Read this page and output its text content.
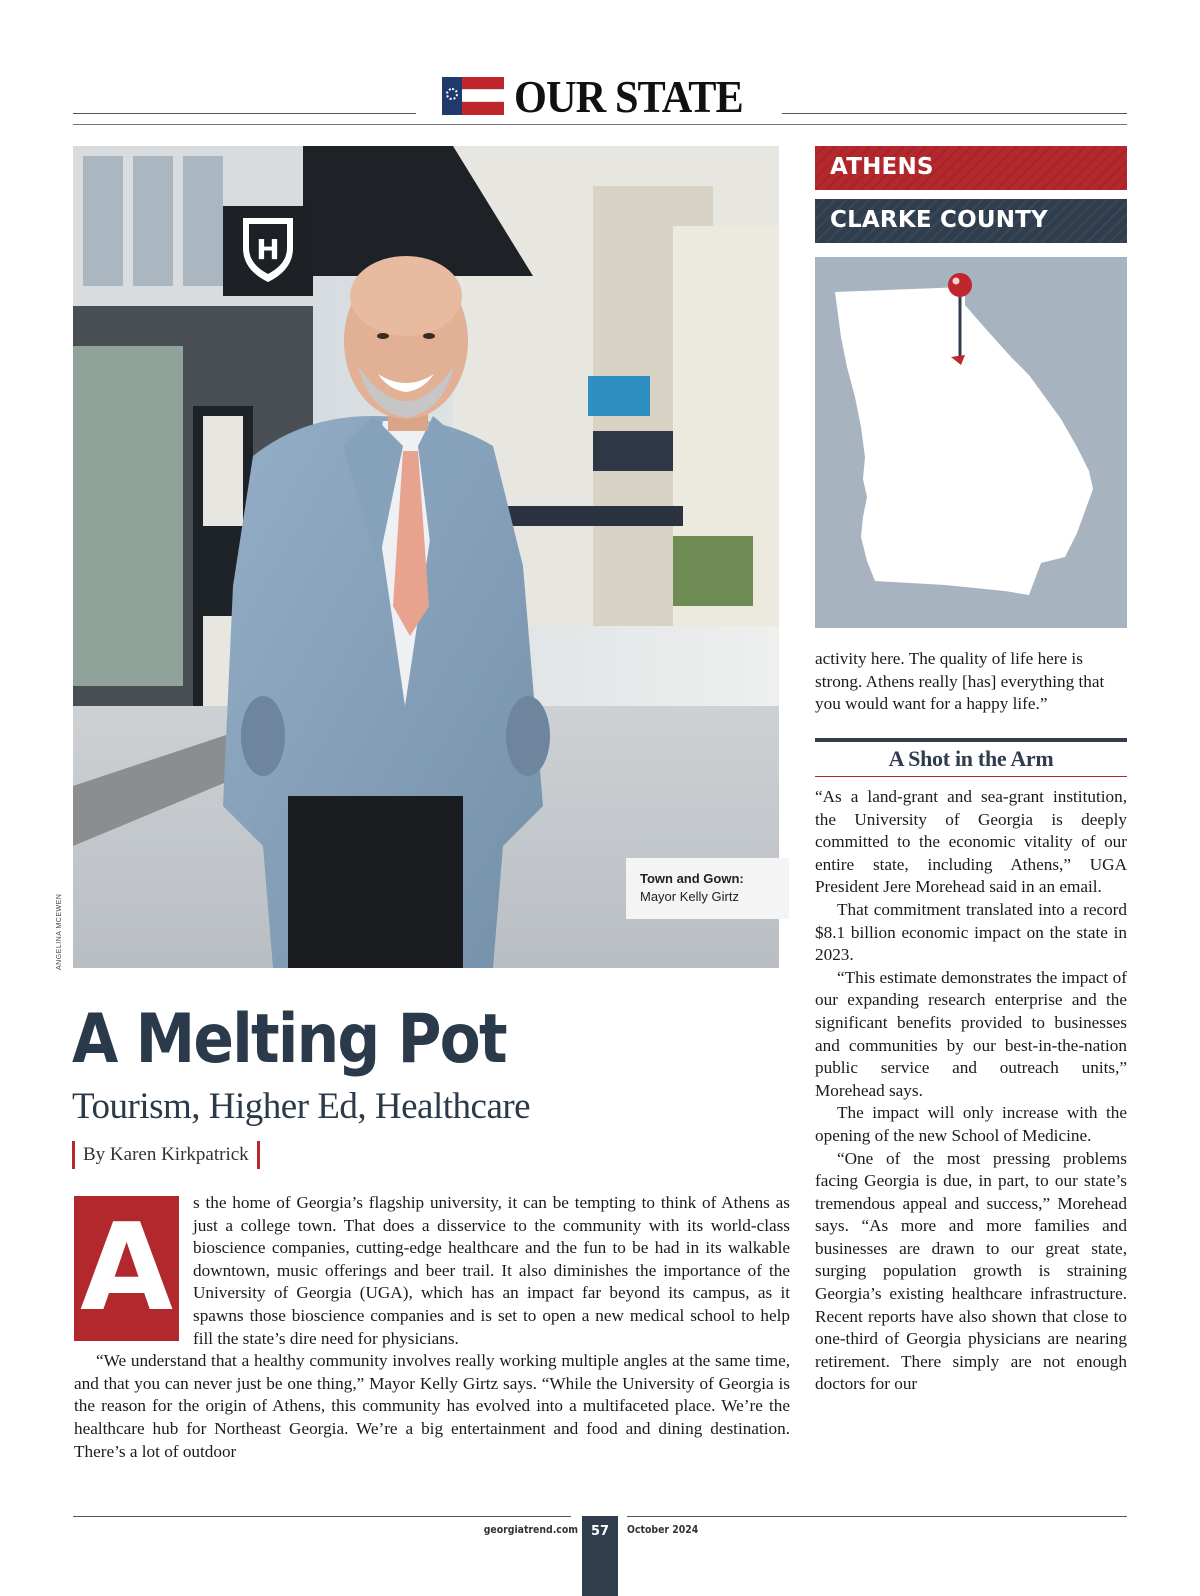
OUR STATE
H
ANGELINA MCEWEN
Town and Gown:
Mayor Kelly Girtz
A Melting Pot
Tourism, Higher Ed, Healthcare
By Karen Kirkpatrick
A	s the home of Georgia’s flagship university, it can be tempting to think of Athens as just a college town. That does a disservice to the community with its world-class bioscience companies, cutting-edge healthcare and the fun to be had in its walkable downtown, music offerings and beer trail. It also diminishes the importance of the University of Georgia (UGA), which has an impact far beyond its campus, as it spawns those bioscience companies and is set to open a new medical school to help fill the state’s dire need for physicians.

“We understand that a healthy community involves really working multiple angles at the same time, and that you can never just be one thing,” Mayor Kelly Girtz says. “While the University of Georgia is the reason for the origin of Athens, this community has evolved into a multifaceted place. We’re the healthcare hub for Northeast Georgia. We’re a big entertainment and food and dining destination. There’s a lot of outdoor

ATHENS
CLARKE COUNTY

activity here. The quality of life here is strong. Athens really [has] everything that you would want for a happy life.”

A Shot in the Arm

“As a land-grant and sea-grant institution, the University of Georgia is deeply committed to the economic vitality of our entire state, including Athens,” UGA President Jere Morehead said in an email.

That commitment translated into a record $8.1 billion economic impact on the state in 2023.

“This estimate demonstrates the impact of our expanding research enterprise and the significant benefits provided to businesses and communities by our best-in-the-nation public service and outreach units,” Morehead says.

The impact will only increase with the opening of the new School of Medicine.

“One of the most pressing problems facing Georgia is due, in part, to our state’s tremendous appeal and success,” Morehead says. “As more and more families and businesses are drawn to our great state, surging population growth is straining Georgia’s existing healthcare infrastructure. Recent reports have also shown that close to one-third of Georgia physicians are nearing retirement. There simply are not enough doctors for our

georgiatrend.com 57	October 2024
